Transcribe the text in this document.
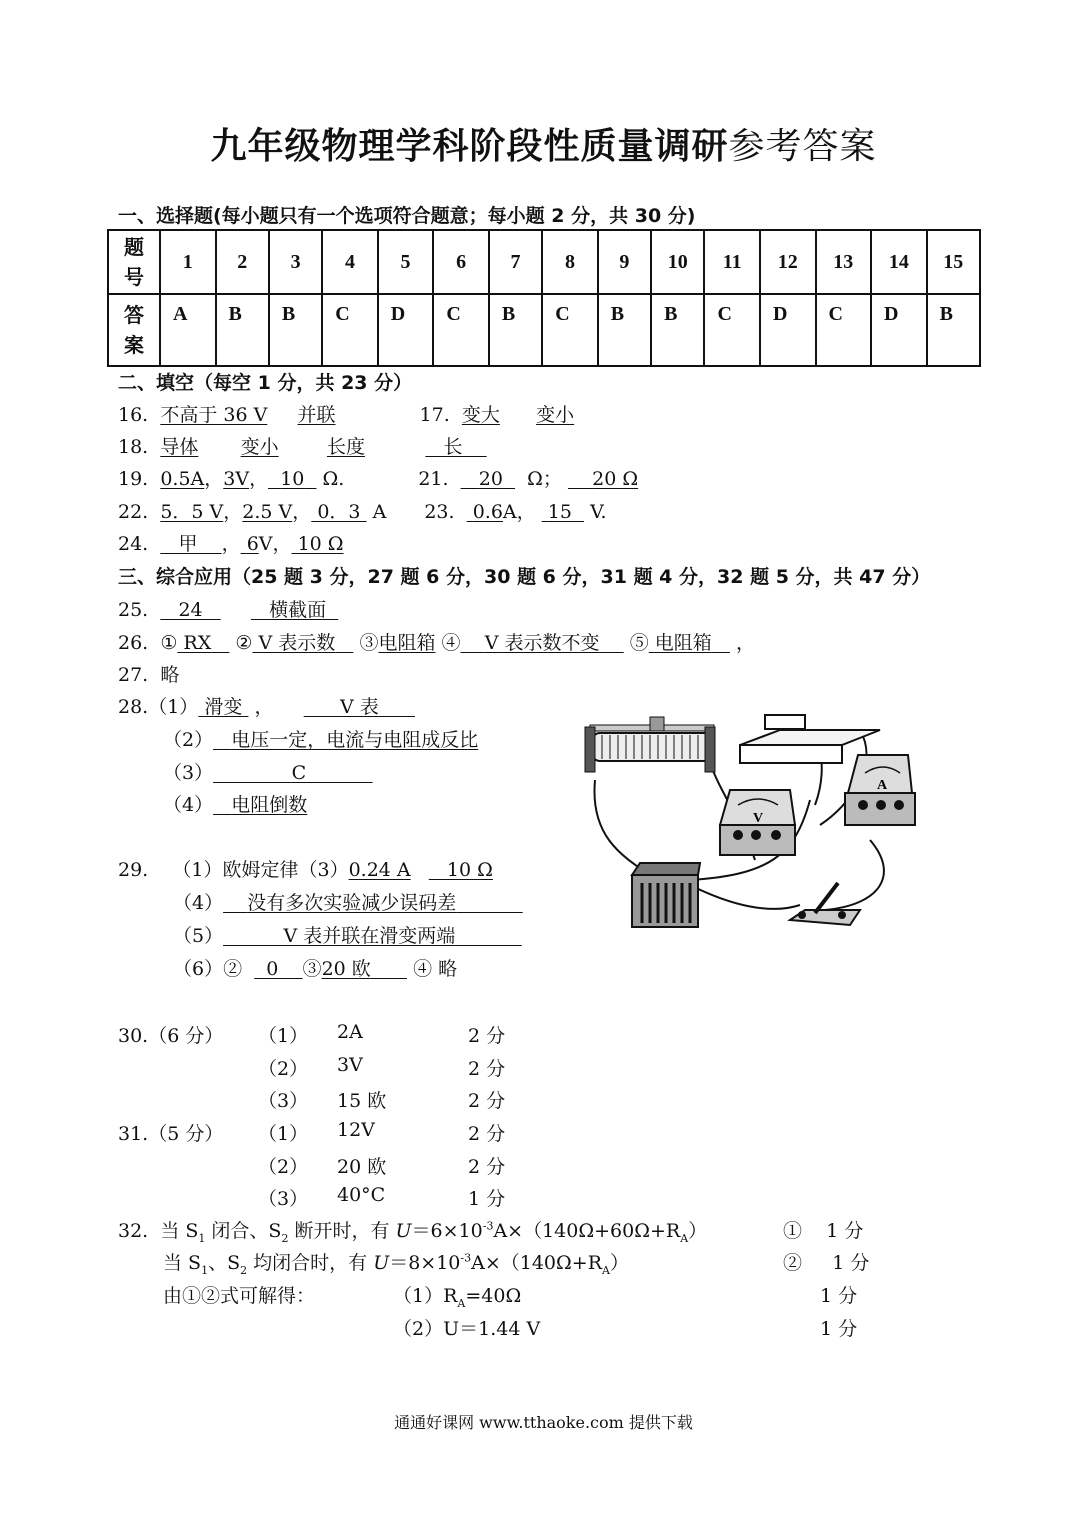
九年级物理学科阶段性质量调研参考答案
一、选择题(每小题只有一个选项符合题意；每小题 2 分，共 30 分)
题
号	1	2	3	4	5	6	7	8	9	10	11	12	13	14	15
答
案	A	B	B	C	D	C	B	C	B	B	C	D	C	D	B
二、填空（每空 1 分，共 23 分）
16. 不高于 36 V 并联	17. 变大 变小
18. 导体 变小	长度	长
19. 0.5A，3V， 10 Ω.	21. 20 Ω； 20 Ω
22. 5．5 V，2.5 V， 0．3 A 23. 0.6A， 15 V.
24. 甲 ， 6V， 10 Ω
三、综合应用（25 题 3 分，27 题 6 分，30 题 6 分，31 题 4 分，32 题 5 分，共 47 分）
25. 24	横截面
26. ① RX ② V 表示数 ③电阻箱 ④ V 表示数不变 ⑤ 电阻箱 ，
27. 略
28.（1） 滑变 ，	V 表
（2） 电压一定，电流与电阻成反比
（3）	C
（4） 电阻倒数
29. （1）欧姆定律（3）0.24 A 10 Ω
（4） 没有多次实验减少误码差
（5）	V 表并联在滑变两端
（6）② 0 ③20 欧 ④ 略
30.（6 分） （1） 2A	2 分
（2） 3V	2 分
（3） 15 欧	2 分
31.（5 分） （1） 12V	2 分
（2） 20 欧	2 分
（3） 40°C	1 分
32. 当 $S_1$ 闭合、$S_2$ 断开时，有 $U=6\times 10^{-3}A\times(140\Omega+60\Omega+R_A)$	① 1 分
当 $S_1$、$S_2$ 均闭合时，有 $U=8\times 10^{-3}A\times(140\Omega+R_A)$	② 1 分
由①②式可解得：	$(1)R_A=40\Omega$	1 分
（2）U＝1.44 V	1 分
V
A
通通好课网 www.tthaoke.com 提供下载
